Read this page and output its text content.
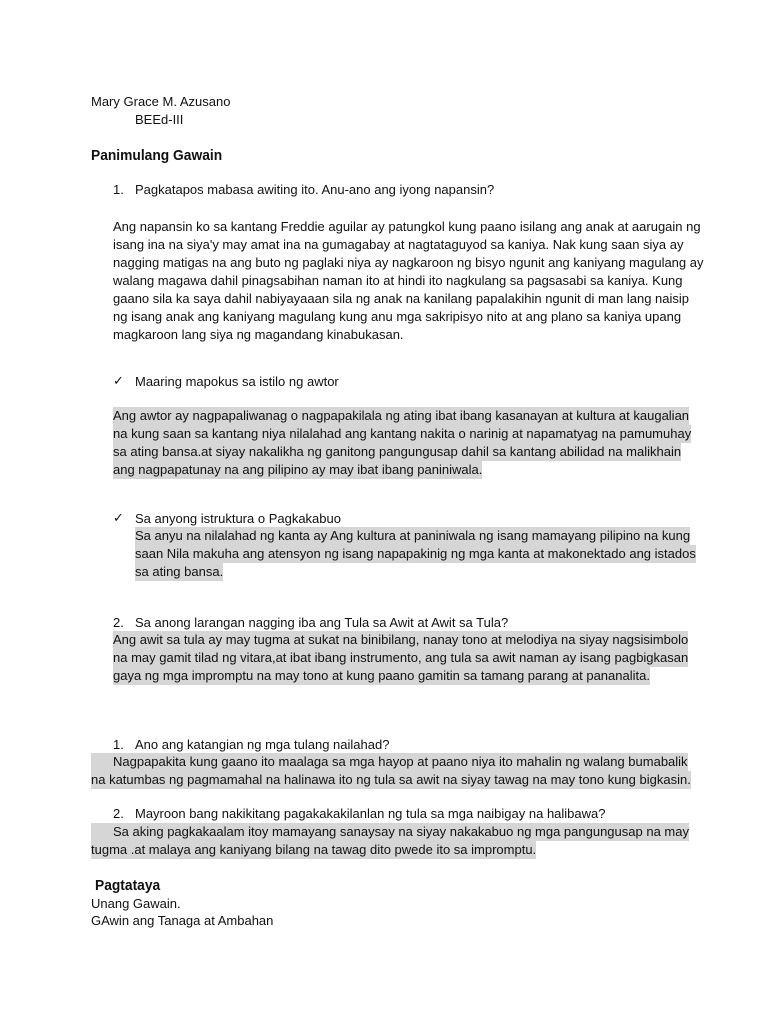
Mary Grace M. Azusano
BEEd-III
Panimulang Gawain
1. Pagkatapos mabasa awiting ito. Anu-ano ang iyong napansin?
Ang napansin ko sa kantang Freddie aguilar ay patungkol kung paano isilang ang anak at aarugain ng
isang ina na siya'y may amat ina na gumagabay at nagtataguyod sa kaniya. Nak kung saan siya ay
nagging matigas na ang buto ng paglaki niya ay nagkaroon ng bisyo ngunit ang kaniyang magulang ay
walang magawa dahil pinagsabihan naman ito at hindi ito nagkulang sa pagsasabi sa kaniya. Kung
gaano sila ka saya dahil nabiyayaaan sila ng anak na kanilang papalakihin ngunit di man lang naisip
ng isang anak ang kaniyang magulang kung anu mga sakripisyo nito at ang plano sa kaniya upang
magkaroon lang siya ng magandang kinabukasan.
✓ Maaring mapokus sa istilo ng awtor
Ang awtor ay nagpapaliwanag o nagpapakilala ng ating ibat ibang kasanayan at kultura at kaugalian
na kung saan sa kantang niya nilalahad ang kantang nakita o narinig at napamatyag na pamumuhay
sa ating bansa.at siyay nakalikha ng ganitong pangungusap dahil sa kantang abilidad na malikhain
ang nagpapatunay na ang pilipino ay may ibat ibang paniniwala.
✓ Sa anyong istruktura o Pagkakabuo
Sa anyu na nilalahad ng kanta ay Ang kultura at paniniwala ng isang mamayang pilipino na kung
saan Nila makuha ang atensyon ng isang napapakinig ng mga kanta at makonektado ang istados
sa ating bansa.
2. Sa anong larangan nagging iba ang Tula sa Awit at Awit sa Tula?
Ang awit sa tula ay may tugma at sukat na binibilang, nanay tono at melodiya na siyay nagsisimbolo
na may gamit tilad ng vitara,at ibat ibang instrumento, ang tula sa awit naman ay isang pagbigkasan
gaya ng mga impromptu na may tono at kung paano gamitin sa tamang parang at pananalita.
1. Ano ang katangian ng mga tulang nailahad?
Nagpapakita kung gaano ito maalaga sa mga hayop at paano niya ito mahalin ng walang bumabalik
na katumbas ng pagmamahal na halinawa ito ng tula sa awit na siyay tawag na may tono kung bigkasin.
2. Mayroon bang nakikitang pagakakakilanlan ng tula sa mga naibigay na halibawa?
Sa aking pagkakaalam itoy mamayang sanaysay na siyay nakakabuo ng mga pangungusap na may
tugma .at malaya ang kaniyang bilang na tawag dito pwede ito sa impromptu.
Pagtataya
Unang Gawain.
GAwin ang Tanaga at Ambahan
